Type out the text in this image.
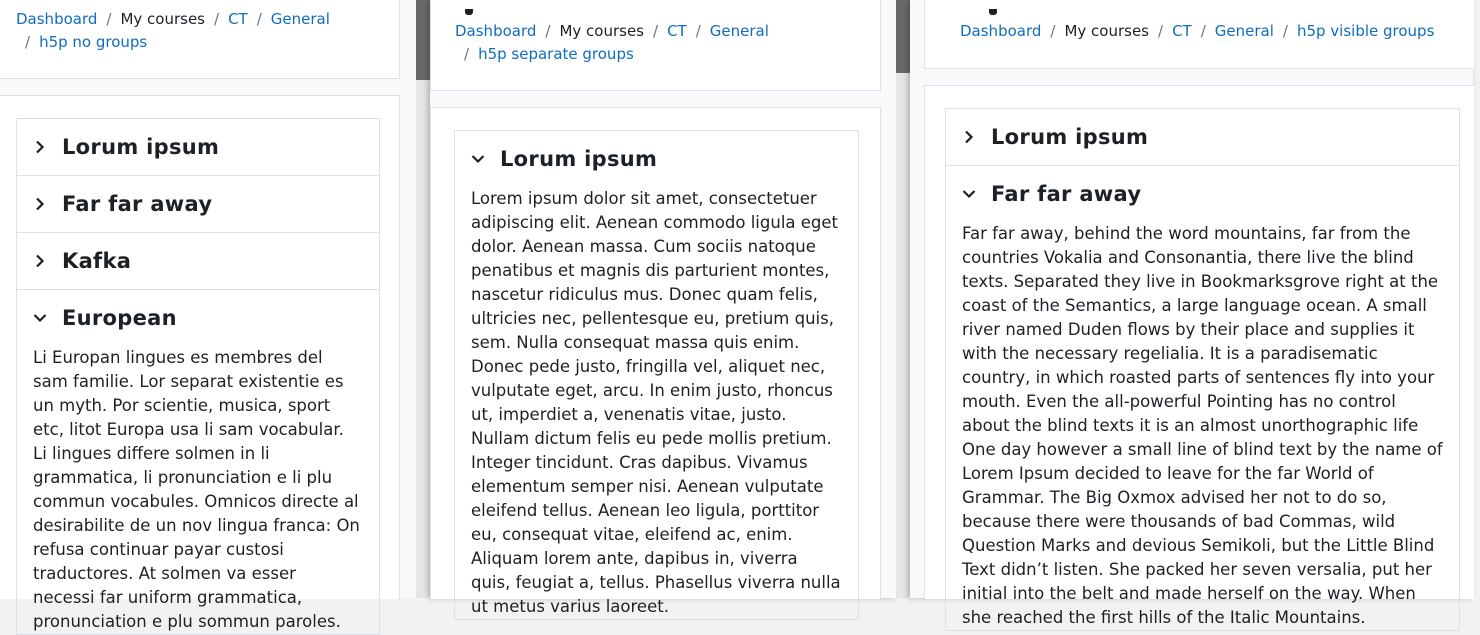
Dashboard / My courses / CT / General
/ h5p no groups
Lorum ipsum
Far far away
Kafka
European
Li Europan lingues es membres del sam familie. Lor separat existentie es un myth. Por scientie, musica, sport etc, litot Europa usa li sam vocabular. Li lingues differe solmen in li grammatica, li pronunciation e li plu commun vocabules. Omnicos directe al desirabilite de un nov lingua franca: On refusa continuar payar custosi traductores. At solmen va esser necessi far uniform grammatica, pronunciation e plu sommun paroles.
Dashboard / My courses / CT / General
/ h5p separate groups
Lorum ipsum
Lorem ipsum dolor sit amet, consectetuer adipiscing elit. Aenean commodo ligula eget dolor. Aenean massa. Cum sociis natoque penatibus et magnis dis parturient montes, nascetur ridiculus mus. Donec quam felis, ultricies nec, pellentesque eu, pretium quis, sem. Nulla consequat massa quis enim. Donec pede justo, fringilla vel, aliquet nec, vulputate eget, arcu. In enim justo, rhoncus ut, imperdiet a, venenatis vitae, justo. Nullam dictum felis eu pede mollis pretium. Integer tincidunt. Cras dapibus. Vivamus elementum semper nisi. Aenean vulputate eleifend tellus. Aenean leo ligula, porttitor eu, consequat vitae, eleifend ac, enim. Aliquam lorem ante, dapibus in, viverra quis, feugiat a, tellus. Phasellus viverra nulla ut metus varius laoreet.
Dashboard / My courses / CT / General / h5p visible groups
Lorum ipsum
Far far away
Far far away, behind the word mountains, far from the countries Vokalia and Consonantia, there live the blind texts. Separated they live in Bookmarksgrove right at the coast of the Semantics, a large language ocean. A small river named Duden flows by their place and supplies it with the necessary regelialia. It is a paradisematic country, in which roasted parts of sentences fly into your mouth. Even the all-powerful Pointing has no control about the blind texts it is an almost unorthographic life One day however a small line of blind text by the name of Lorem Ipsum decided to leave for the far World of Grammar. The Big Oxmox advised her not to do so, because there were thousands of bad Commas, wild Question Marks and devious Semikoli, but the Little Blind Text didn’t listen. She packed her seven versalia, put her initial into the belt and made herself on the way. When she reached the first hills of the Italic Mountains.
